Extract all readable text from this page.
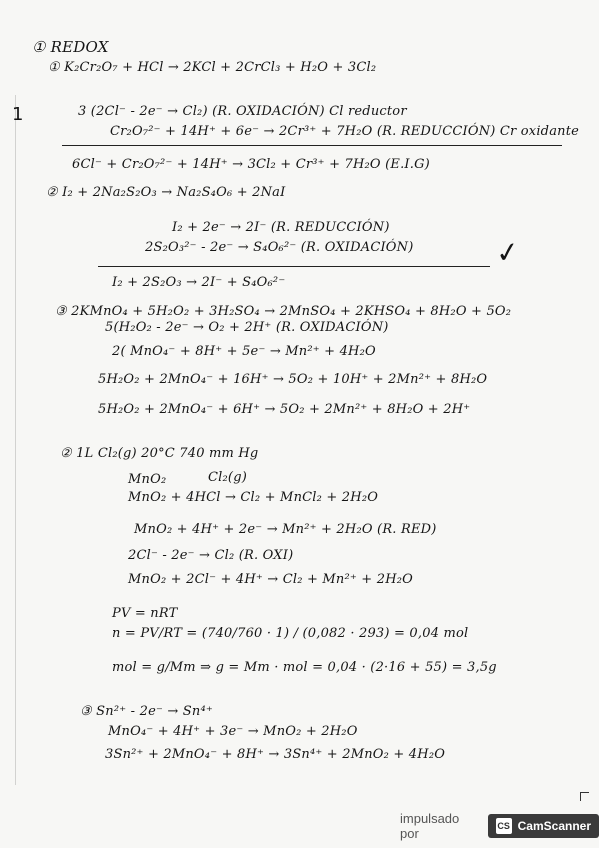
① REDOX
1
① K₂Cr₂O₇ + HCl → 2KCl + 2CrCl₃ + H₂O + 3Cl₂
3 (2Cl⁻ - 2e⁻ → Cl₂) (R. OXIDACIÓN) Cl reductor
Cr₂O₇²⁻ + 14H⁺ + 6e⁻ → 2Cr³⁺ + 7H₂O (R. REDUCCIÓN) Cr oxidante
6Cl⁻ + Cr₂O₇²⁻ + 14H⁺ → 3Cl₂ + Cr³⁺ + 7H₂O (E.I.G)
② I₂ + 2Na₂S₂O₃ → Na₂S₄O₆ + 2NaI
I₂ + 2e⁻ → 2I⁻ (R. REDUCCIÓN)
2S₂O₃²⁻ - 2e⁻ → S₄O₆²⁻ (R. OXIDACIÓN)	✓
I₂ + 2S₂O₃ → 2I⁻ + S₄O₆²⁻
③ 2KMnO₄ + 5H₂O₂ + 3H₂SO₄ → 2MnSO₄ + 2KHSO₄ + 8H₂O + 5O₂
5(H₂O₂ - 2e⁻ → O₂ + 2H⁺ (R. OXIDACIÓN)
2( MnO₄⁻ + 8H⁺ + 5e⁻ → Mn²⁺ + 4H₂O
5H₂O₂ + 2MnO₄⁻ + 16H⁺ → 5O₂ + 10H⁺ + 2Mn²⁺ + 8H₂O
5H₂O₂ + 2MnO₄⁻ + 6H⁺ → 5O₂ + 2Mn²⁺ + 8H₂O + 2H⁺
② 1L Cl₂(g) 20°C 740 mm Hg
MnO₂	Cl₂(g)
MnO₂ + 4HCl → Cl₂ + MnCl₂ + 2H₂O
MnO₂ + 4H⁺ + 2e⁻ → Mn²⁺ + 2H₂O (R. RED)
2Cl⁻ - 2e⁻ → Cl₂ (R. OXI)
MnO₂ + 2Cl⁻ + 4H⁺ → Cl₂ + Mn²⁺ + 2H₂O
PV = nRT
n = PV/RT = (740/760 · 1) / (0,082 · 293) = 0,04 mol
mol = g/Mm ⇒ g = Mm · mol = 0,04 · (2·16 + 55) = 3,5g
③ Sn²⁺ - 2e⁻ → Sn⁴⁺
MnO₄⁻ + 4H⁺ + 3e⁻ → MnO₂ + 2H₂O
3Sn²⁺ + 2MnO₄⁻ + 8H⁺ → 3Sn⁴⁺ + 2MnO₂ + 4H₂O
impulsado por	CS CamScanner
